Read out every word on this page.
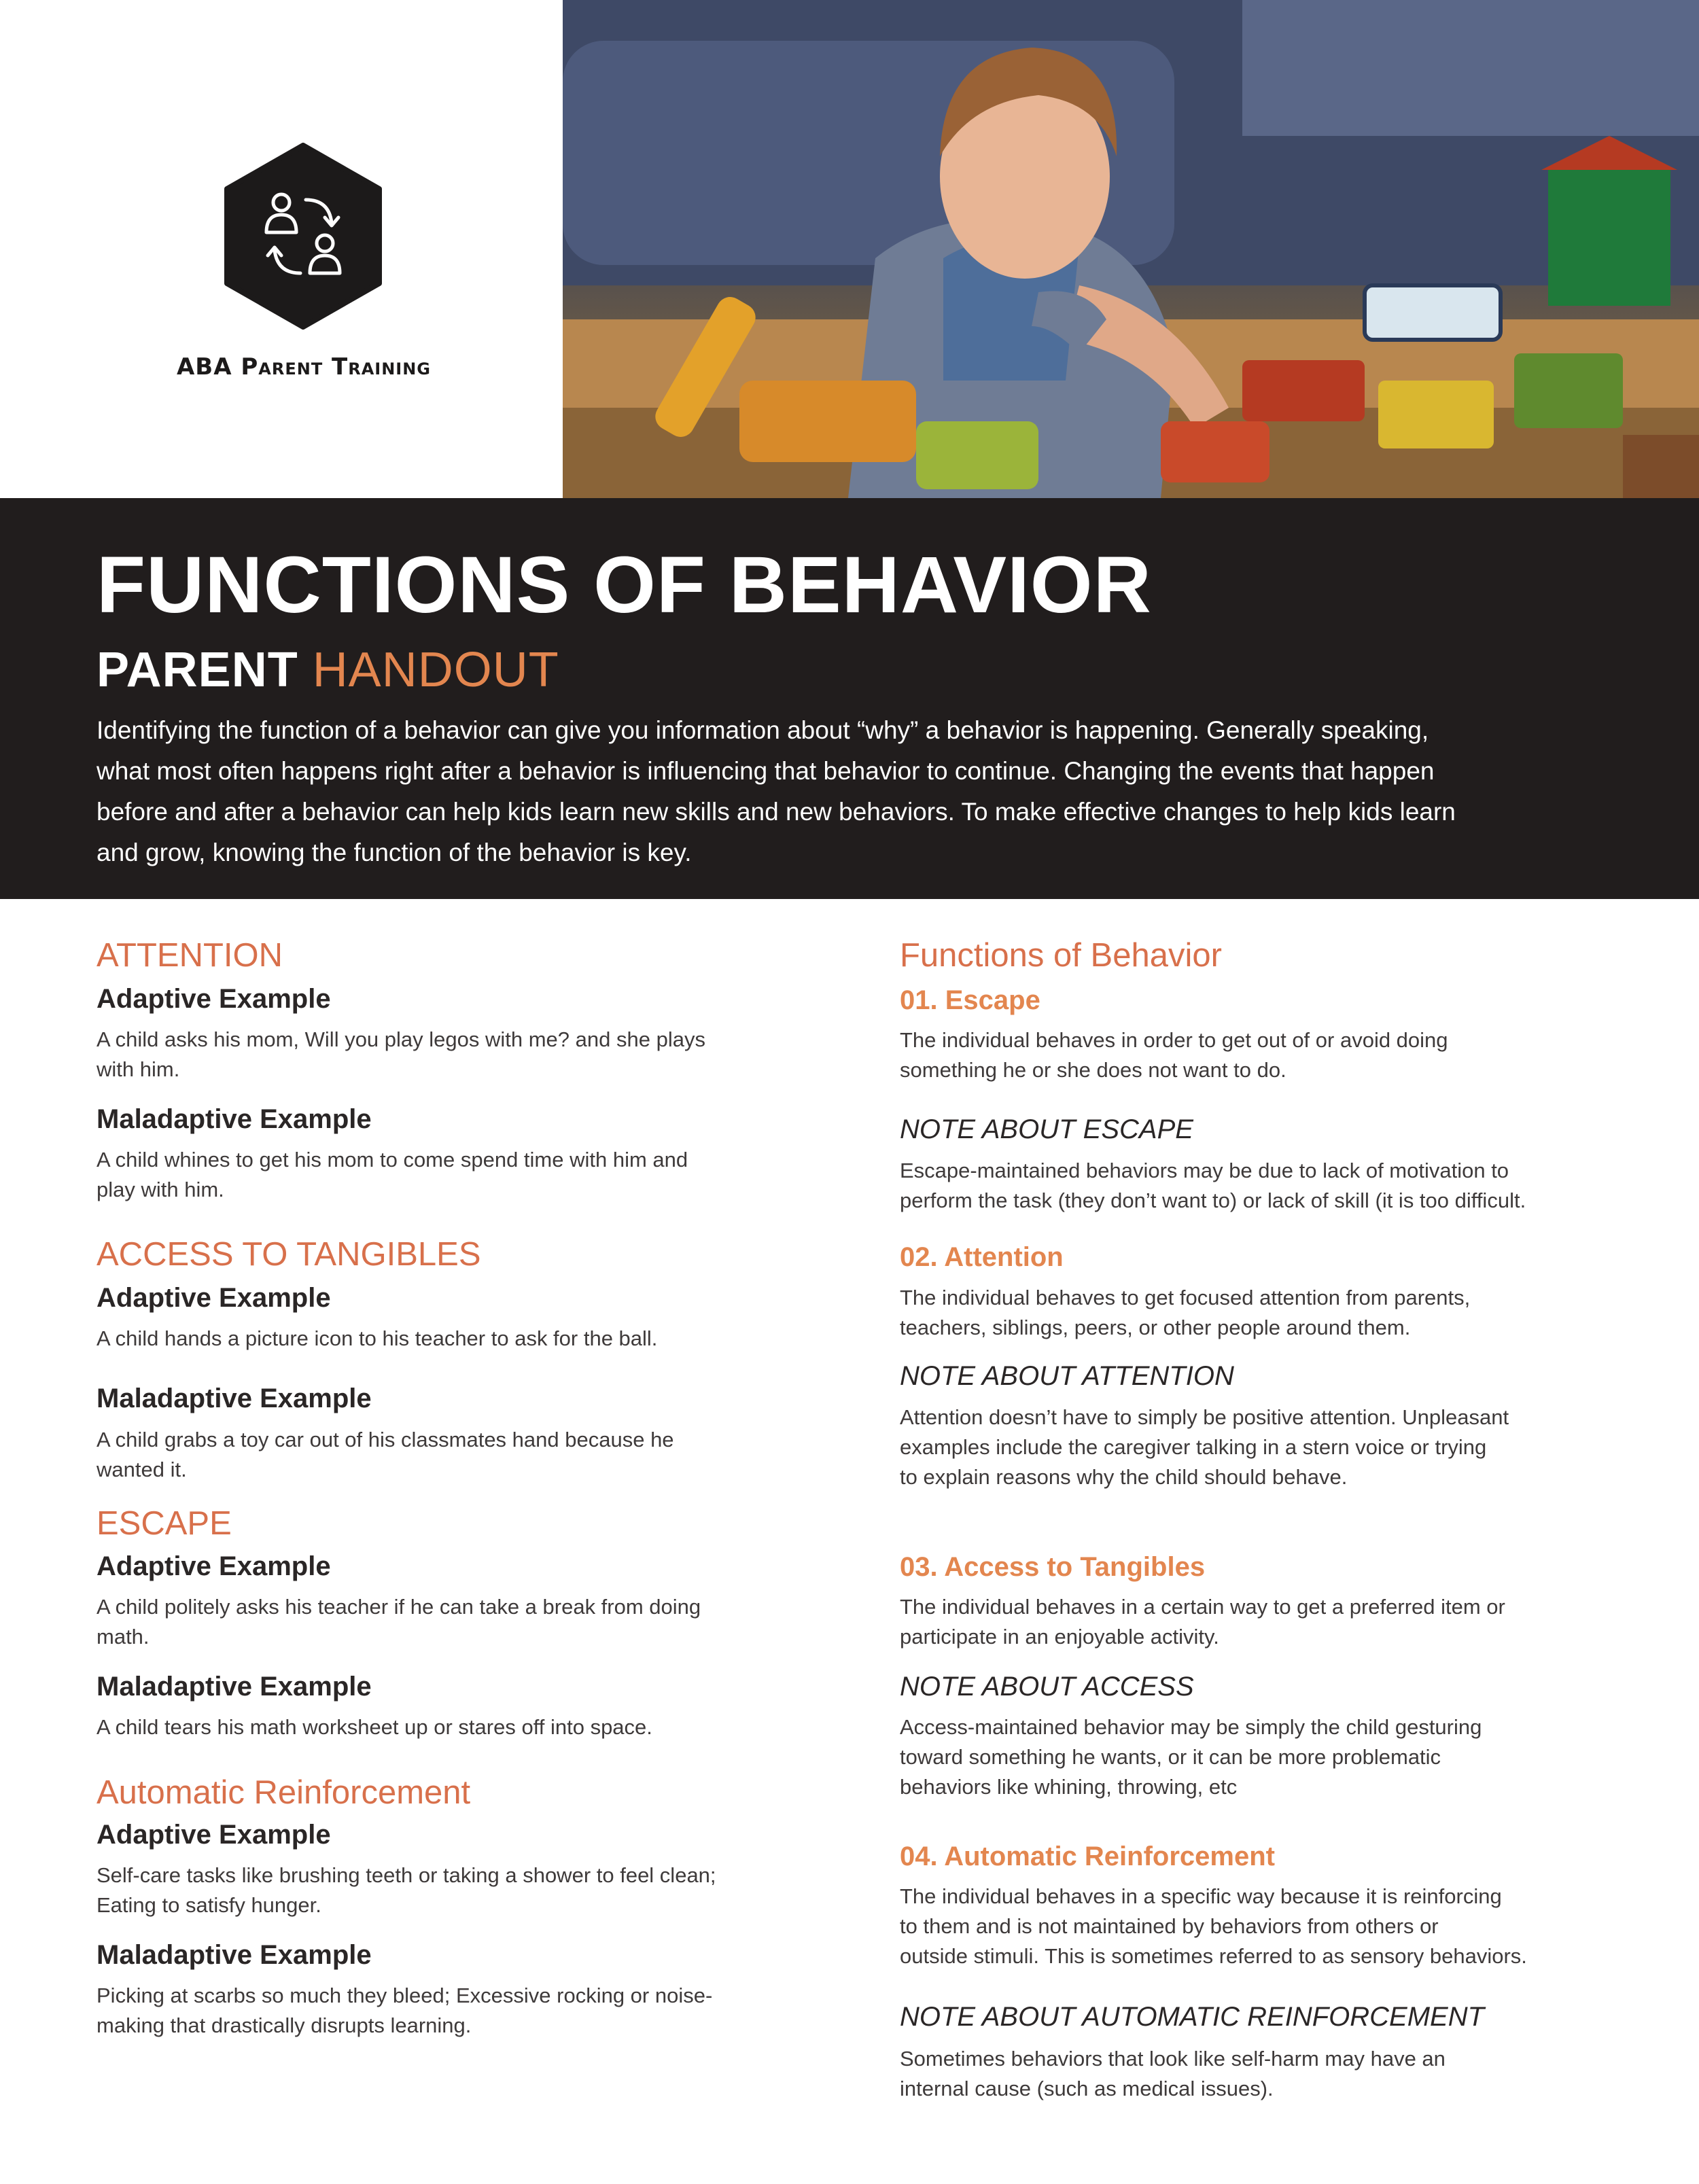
ABA Parent Training
FUNCTIONS OF BEHAVIOR
PARENT HANDOUT
Identifying the function of a behavior can give you information about “why” a behavior is happening. Generally speaking,
what most often happens right after a behavior is influencing that behavior to continue. Changing the events that happen
before and after a behavior can help kids learn new skills and new behaviors. To make effective changes to help kids learn
and grow, knowing the function of the behavior is key.
ATTENTION
Adaptive Example
A child asks his mom, Will you play legos with me? and she plays
with him.
Maladaptive Example
A child whines to get his mom to come spend time with him and
play with him.
ACCESS TO TANGIBLES
Adaptive Example
A child hands a picture icon to his teacher to ask for the ball.
Maladaptive Example
A child grabs a toy car out of his classmates hand because he
wanted it.
ESCAPE
Adaptive Example
A child politely asks his teacher if he can take a break from doing
math.
Maladaptive Example
A child tears his math worksheet up or stares off into space.
Automatic Reinforcement
Adaptive Example
Self-care tasks like brushing teeth or taking a shower to feel clean;
Eating to satisfy hunger.
Maladaptive Example
Picking at scarbs so much they bleed; Excessive rocking or noise-
making that drastically disrupts learning.
Functions of Behavior
01. Escape
The individual behaves in order to get out of or avoid doing
something he or she does not want to do.
NOTE ABOUT ESCAPE
Escape-maintained behaviors may be due to lack of motivation to
perform the task (they don’t want to) or lack of skill (it is too difficult.
02. Attention
The individual behaves to get focused attention from parents,
teachers, siblings, peers, or other people around them.
NOTE ABOUT ATTENTION
Attention doesn’t have to simply be positive attention. Unpleasant
examples include the caregiver talking in a stern voice or trying
to explain reasons why the child should behave.
03. Access to Tangibles
The individual behaves in a certain way to get a preferred item or
participate in an enjoyable activity.
NOTE ABOUT ACCESS
Access-maintained behavior may be simply the child gesturing
toward something he wants, or it can be more problematic
behaviors like whining, throwing, etc
04. Automatic Reinforcement
The individual behaves in a specific way because it is reinforcing
to them and is not maintained by behaviors from others or
outside stimuli. This is sometimes referred to as sensory behaviors.
NOTE ABOUT AUTOMATIC REINFORCEMENT
Sometimes behaviors that look like self-harm may have an
internal cause (such as medical issues).
